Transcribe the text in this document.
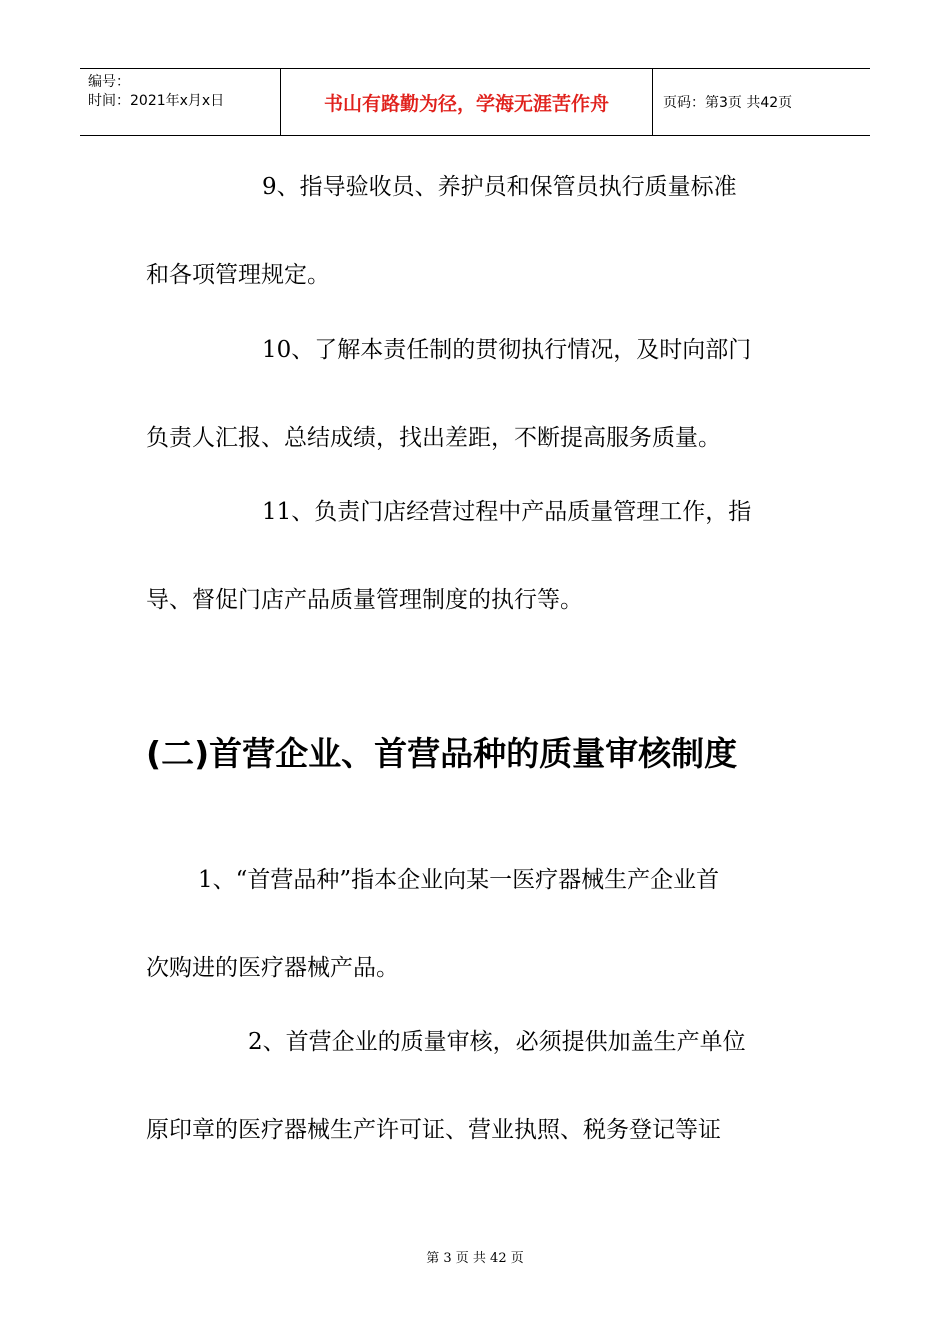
编号：
时间：2021年x月x日	书山有路勤为径，学海无涯苦作舟	页码：第3页 共42页

9、指导验收员、养护员和保管员执行质量标准

和各项管理规定。

10、了解本责任制的贯彻执行情况，及时向部门

负责人汇报、总结成绩，找出差距，不断提高服务质量。

11、负责门店经营过程中产品质量管理工作，指

导、督促门店产品质量管理制度的执行等。

(二)首营企业、首营品种的质量审核制度

1、“首营品种”指本企业向某一医疗器械生产企业首

次购进的医疗器械产品。

2、首营企业的质量审核，必须提供加盖生产单位

原印章的医疗器械生产许可证、营业执照、税务登记等证

第 3 页 共 42 页
